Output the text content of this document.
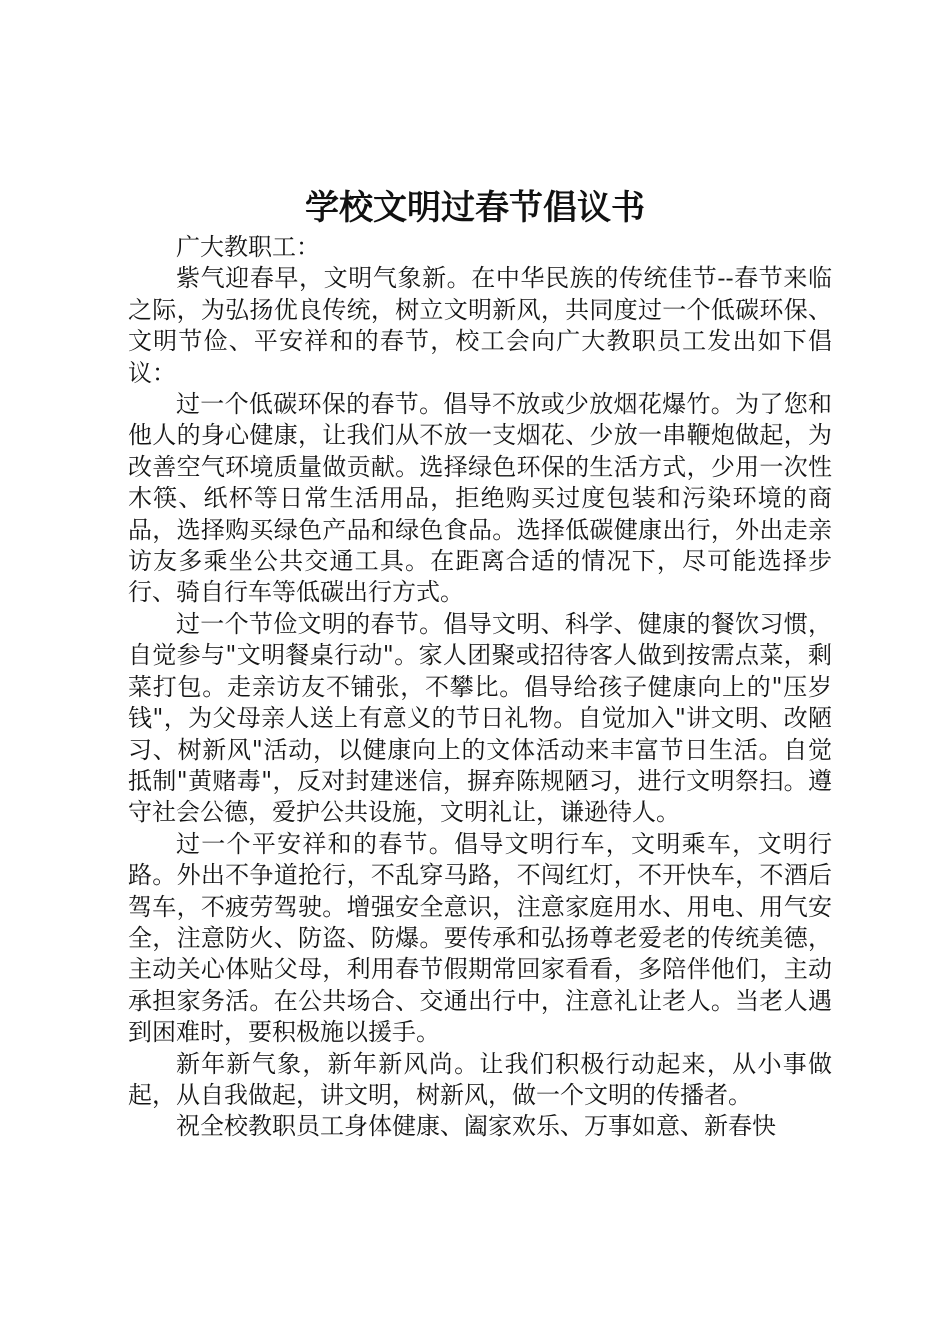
学校文明过春节倡议书

广大教职工：

紫气迎春早，文明气象新。在中华民族的传统佳节--春节来临之际，为弘扬优良传统，树立文明新风，共同度过一个低碳环保、文明节俭、平安祥和的春节，校工会向广大教职员工发出如下倡议：

过一个低碳环保的春节。倡导不放或少放烟花爆竹。为了您和他人的身心健康，让我们从不放一支烟花、少放一串鞭炮做起，为改善空气环境质量做贡献。选择绿色环保的生活方式，少用一次性木筷、纸杯等日常生活用品，拒绝购买过度包装和污染环境的商品，选择购买绿色产品和绿色食品。选择低碳健康出行，外出走亲访友多乘坐公共交通工具。在距离合适的情况下，尽可能选择步行、骑自行车等低碳出行方式。

过一个节俭文明的春节。倡导文明、科学、健康的餐饮习惯，自觉参与"文明餐桌行动"。家人团聚或招待客人做到按需点菜，剩菜打包。走亲访友不铺张，不攀比。倡导给孩子健康向上的"压岁钱"，为父母亲人送上有意义的节日礼物。自觉加入"讲文明、改陋习、树新风"活动，以健康向上的文体活动来丰富节日生活。自觉抵制"黄赌毒"，反对封建迷信，摒弃陈规陋习，进行文明祭扫。遵守社会公德，爱护公共设施，文明礼让，谦逊待人。

过一个平安祥和的春节。倡导文明行车，文明乘车，文明行路。外出不争道抢行，不乱穿马路，不闯红灯，不开快车，不酒后驾车，不疲劳驾驶。增强安全意识，注意家庭用水、用电、用气安全，注意防火、防盗、防爆。要传承和弘扬尊老爱老的传统美德，主动关心体贴父母，利用春节假期常回家看看，多陪伴他们，主动承担家务活。在公共场合、交通出行中，注意礼让老人。当老人遇到困难时，要积极施以援手。

新年新气象，新年新风尚。让我们积极行动起来，从小事做起，从自我做起，讲文明，树新风，做一个文明的传播者。

祝全校教职员工身体健康、阖家欢乐、万事如意、新春快
